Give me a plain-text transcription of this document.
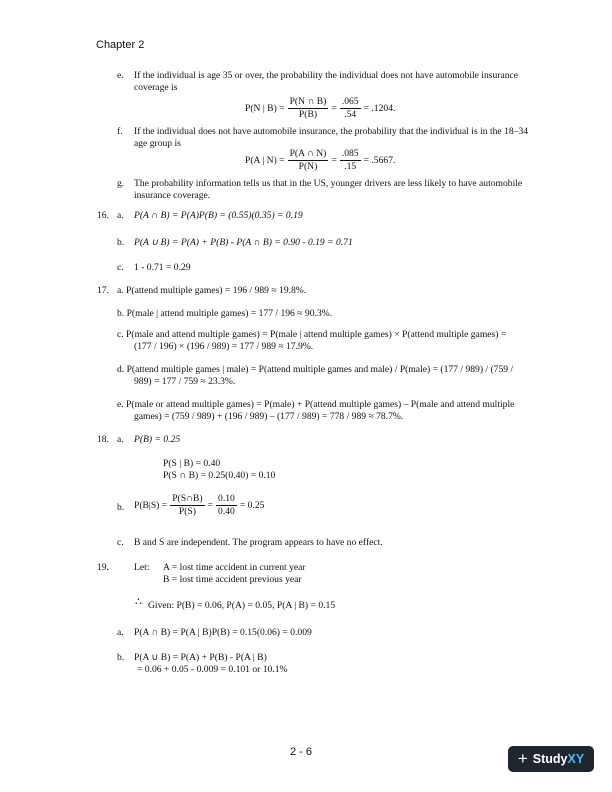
Chapter 2
e. If the individual is age 35 or over, the probability the individual does not have automobile insurance coverage is
P(N | $B) = \frac{P(N \cap B)}{P(B)} = \frac{.065}{.54} = .1204$.
f. If the individual does not have automobile insurance, the probability that the individual is in the 18–34 age group is
P(A | $N) = \frac{P(A \cap N)}{P(N)} = \frac{.085}{.15} = .5667$.
g. The probability information tells us that in the US, younger drivers are less likely to have automobile insurance coverage.
16. a. P(A ∩ B) = P(A)P(B) = (0.55)(0.35) = 0.19
b. P(A ∪ B) = P(A) + P(B) - P(A ∩ B) = 0.90 - 0.19 = 0.71
c. 1 - 0.71 = 0.29
17. a. P(attend multiple games) = 196 / 989 ≈ 19.8%.
b. P(male | attend multiple games) = 177 / 196 ≈ 90.3%.
c. P(male and attend multiple games) = P(male | attend multiple games) × P(attend multiple games) =
(177 / 196) × (196 / 989) = 177 / 989 ≈ 17.9%.
d. P(attend multiple games | male) = P(attend multiple games and male) / P(male) = (177 / 989) / (759 /
989) = 177 / 759 ≈ 23.3%.
e. P(male or attend multiple games) = P(male) + P(attend multiple games) – P(male and attend multiple
games) = (759 / 989) + (196 / 989) – (177 / 989) = 778 / 989 ≈ 78.7%.
18. a. P(B) = 0.25
P(S | B) = 0.40
P(S ∩ B) = 0.25(0.40) = 0.10
b. $P(B|S) = \frac{P(S\cap B)}{P(S)} = \frac{0.10}{0.40} = 0.25$
c. B and S are independent. The program appears to have no effect.
19.	Let: A = lost time accident in current year
B = lost time accident previous year
∴ Given: P(B) = 0.06, P(A) = 0.05, P(A | B) = 0.15
a. P(A ∩ B) = P(A | B)P(B) = 0.15(0.06) = 0.009
b. P(A ∪ B) = P(A) + P(B) - P(A | B)
= 0.06 + 0.05 - 0.009 = 0.101 or 10.1%
2 - 6	+ StudyXY
